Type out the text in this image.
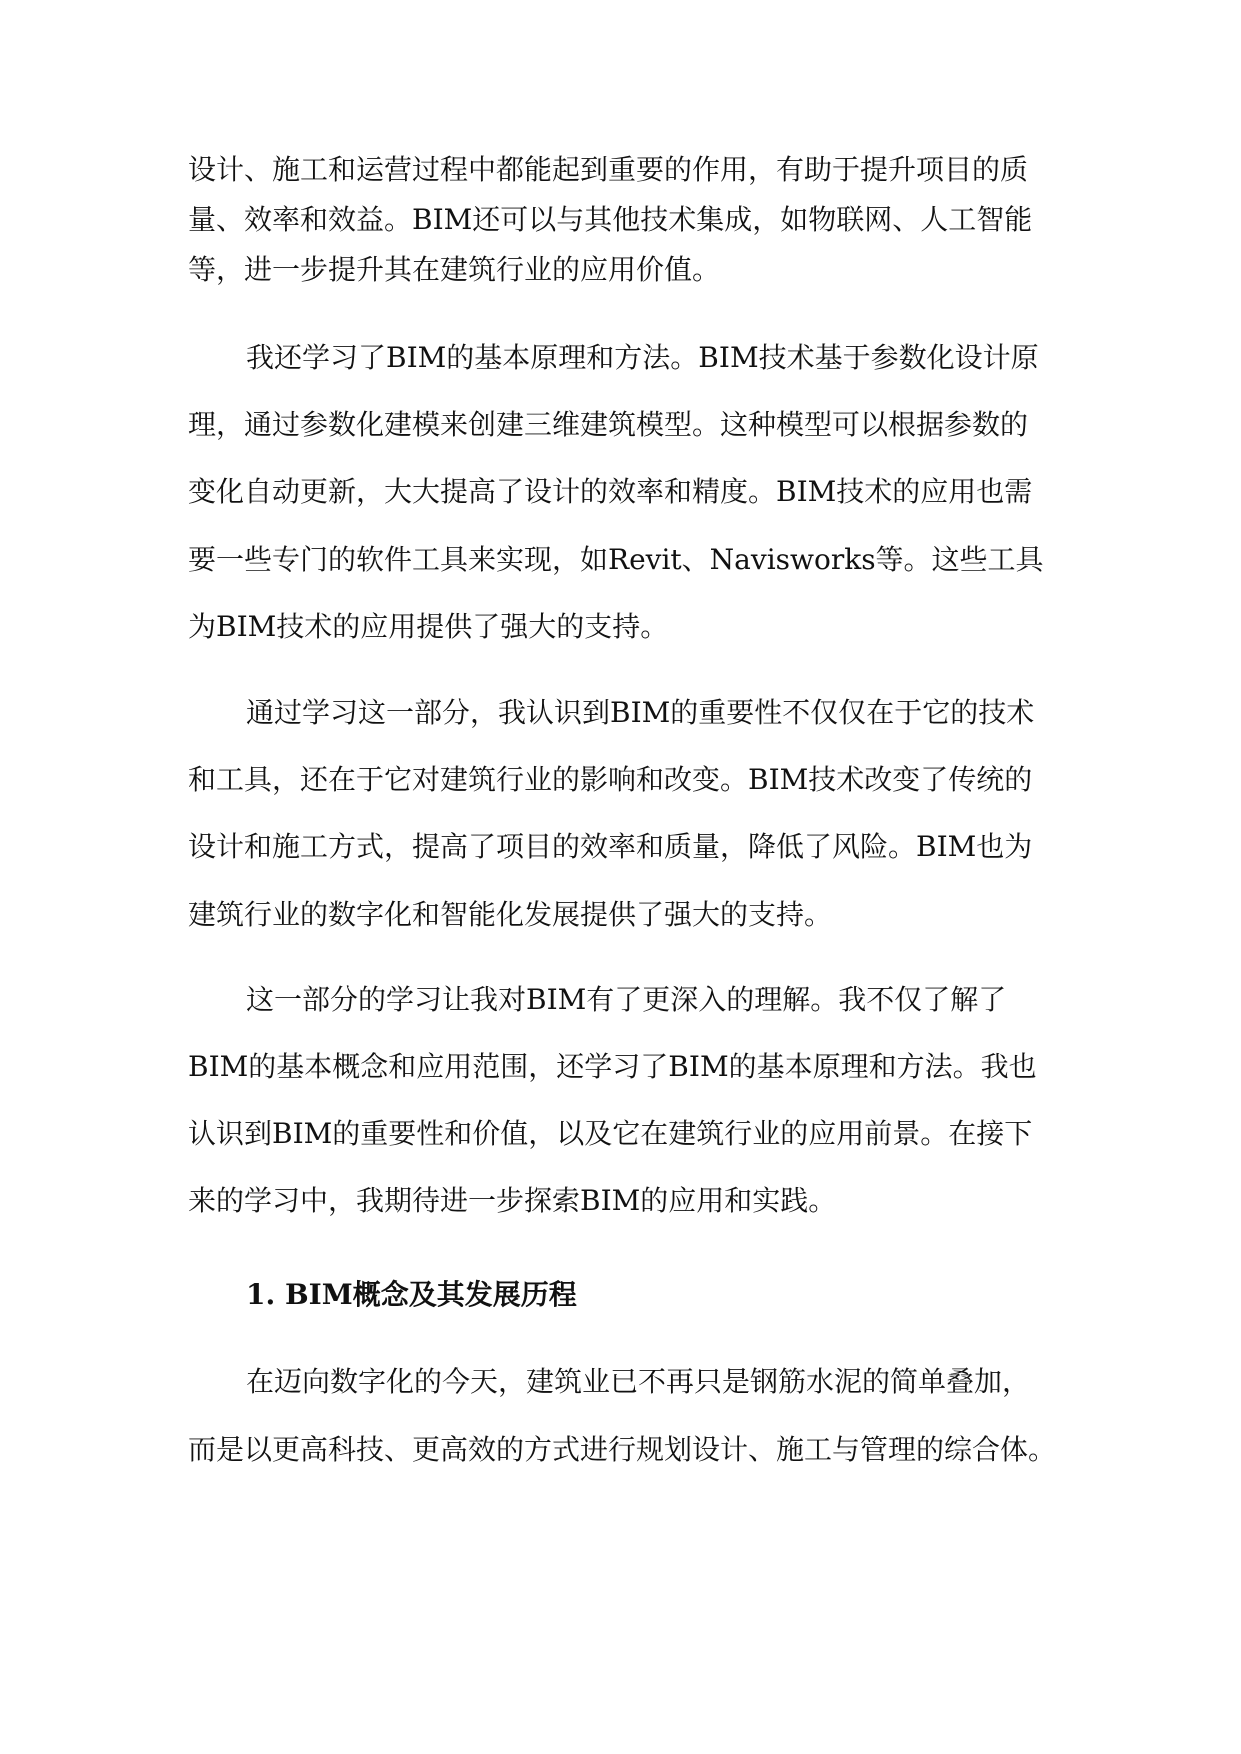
设计、施工和运营过程中都能起到重要的作用，有助于提升项目的质
量、效率和效益。BIM还可以与其他技术集成，如物联网、人工智能
等，进一步提升其在建筑行业的应用价值。
我还学习了BIM的基本原理和方法。BIM技术基于参数化设计原
理，通过参数化建模来创建三维建筑模型。这种模型可以根据参数的
变化自动更新，大大提高了设计的效率和精度。BIM技术的应用也需
要一些专门的软件工具来实现，如Revit、Navisworks等。这些工具
为BIM技术的应用提供了强大的支持。
通过学习这一部分，我认识到BIM的重要性不仅仅在于它的技术
和工具，还在于它对建筑行业的影响和改变。BIM技术改变了传统的
设计和施工方式，提高了项目的效率和质量，降低了风险。BIM也为
建筑行业的数字化和智能化发展提供了强大的支持。
这一部分的学习让我对BIM有了更深入的理解。我不仅了解了
BIM的基本概念和应用范围，还学习了BIM的基本原理和方法。我也
认识到BIM的重要性和价值，以及它在建筑行业的应用前景。在接下
来的学习中，我期待进一步探索BIM的应用和实践。
1. BIM概念及其发展历程
在迈向数字化的今天，建筑业已不再只是钢筋水泥的简单叠加，
而是以更高科技、更高效的方式进行规划设计、施工与管理的综合体。
